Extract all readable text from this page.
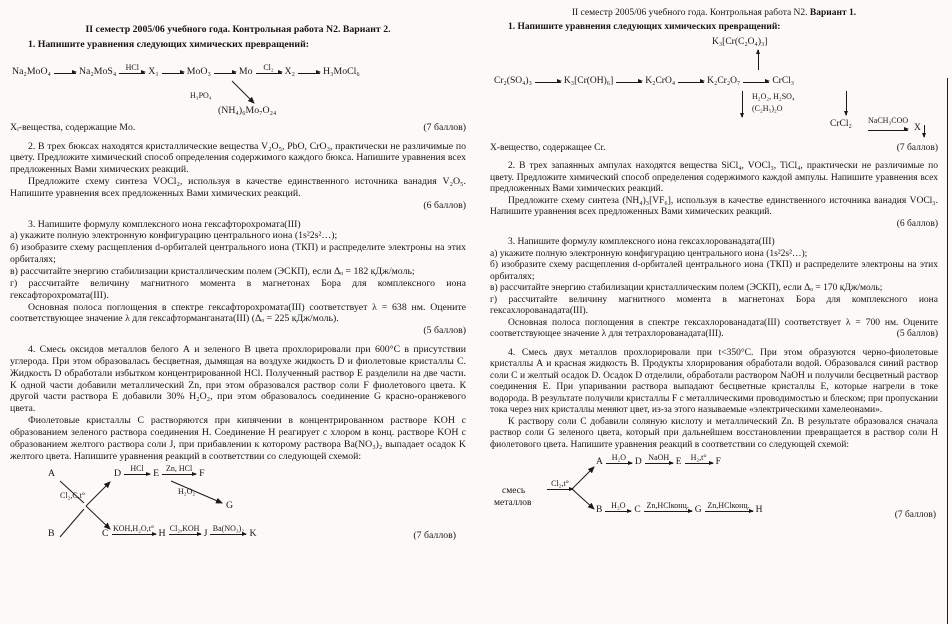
II семестр 2005/06 учебного года. Контрольная работа N2. Вариант 2.
1. Напишите уравнения следующих химических превращений:
Na₂MoO₄ → Na₂MoS₄ HCl X₁ → MoO₃ → Mo Cl₂ X₂ → H₃MoCl₆
H₃PO₄
(NH₄)₆Mo₇O₂₄
Xᵢ-вещества, содержащие Mo.	(7 баллов)
2. В трех бюксах находятся кристаллические вещества V₂O₅, PbO, CrO₃, практически не различимые по цвету. Предложите химический способ определения содержимого каждого бюкса. Напишите уравнения всех предложенных Вами химических реакций.
Предложите схему синтеза VOCl₂, используя в качестве единственного источника ванадия V₂O₅. Напишите уравнения всех предложенных Вами химических реакций.
(6 баллов)
3. Напишите формулу комплексного иона гексафторохромата(III)
а) укажите полную электронную конфигурацию центрального иона (1s²2s²…);
б) изобразите схему расщепления d-орбиталей центрального иона (ТКП) и распределите электроны на этих орбиталях;
в) рассчитайте энергию стабилизации кристаллическим полем (ЭСКП), если Δₒ = 182 кДж/моль;
г) рассчитайте величину магнитного момента в магнетонах Бора для комплексного иона гексафторохромата(III).
Основная полоса поглощения в спектре гексафторохромата(III) соответствует λ = 638 нм. Оцените соответствующее значение λ для гексафторманганата(III) (Δₒ = 225 кДж/моль).
(5 баллов)
4. Смесь оксидов металлов белого А и зеленого В цвета прохлорировали при 600°С в присутствии углерода. При этом образовалась бесцветная, дымящая на воздухе жидкость D и фиолетовые кристаллы С. Жидкость D обработали избытком концентрированной HCl. Полученный раствор E разделили на две части. К одной части добавили металлический Zn, при этом образовался раствор соли F фиолетового цвета. К другой части раствора E добавили 30% H₂O₂, при этом образовалось соединение G красно-оранжевого цвета.
Фиолетовые кристаллы С растворяются при кипячении в концентрированном растворе KOH с образованием зеленого раствора соединения H. Соединение H реагирует с хлором в конц. растворе KOH с образованием желтого раствора соли J, при прибавлении к которому раствора Ba(NO₃)₂ выпадает осадок K желтого цвета. Напишите уравнения реакций в соответствии со следующей схемой:
A
B
Cl₂,C,t°
D HCl E Zn, HCl F
H₂O₂
G
C KOH,H₂O,t° H Cl₂,KOH J Ba(NO₃)₂ K	(7 баллов)
II семестр 2005/06 учебного года. Контрольная работа N2. Вариант 1.
1. Напишите уравнения следующих химических превращений:
K₃[Cr(C₂O₄)₃]
Cr₂(SO₄)₃ → K₃[Cr(OH)₆] → K₂CrO₄ → K₂Cr₂O₇ → CrCl₃
H₂O₂, H₂SO₄
(C₂H₅)₂O
CrCl₂ NaCH₃COO
Х
Х-вещество, содержащее Cr.	(7 баллов)
2. В трех запаянных ампулах находятся вещества SiCl₄, VOCl₃, TiCl₄, практически не различимые по цвету. Предложите химический способ определения содержимого каждой ампулы. Напишите уравнения всех предложенных Вами химических реакций.
Предложите схему синтеза (NH₄)₃[VF₆], используя в качестве единственного источника ванадия VOCl₃. Напишите уравнения всех предложенных Вами химических реакций.
(6 баллов)
3. Напишите формулу комплексного иона гексахлорованадата(III)
а) укажите полную электронную конфигурацию центрального иона (1s²2s²…);
б) изобразите схему расщепления d-орбиталей центрального иона (ТКП) и распределите электроны на этих орбиталях;
в) рассчитайте энергию стабилизации кристаллическим полем (ЭСКП), если Δₒ = 170 кДж/моль;
г) рассчитайте величину магнитного момента в магнетонах Бора для комплексного иона гексахлорованадата(III).
Основная полоса поглощения в спектре гексахлорованадата(III) соответствует λ = 700 нм. Оцените соответствующее значение λ для тетрахлорованадата(III).	(5 баллов)
4. Смесь двух металлов прохлорировали при t<350°С. При этом образуются черно-фиолетовые кристаллы А и красная жидкость В. Продукты хлорирования обработали водой. Образовался синий раствор соли С и желтый осадок D. Осадок D отделили, обработали раствором NaOH и получили бесцветный раствор соединения E. При упаривании раствора выпадают бесцветные кристаллы E, которые нагрели в токе водорода. В результате получили кристаллы F с металлическими проводимостью и блеском; при пропускании тока через них кристаллы меняют цвет, из-за этого называемые «электрическими хамелеонами».
К раствору соли С добавили соляную кислоту и металлический Zn. В результате образовался сначала раствор соли G зеленого цвета, который при дальнейшем восстановлении превращается в раствор соли H фиолетового цвета. Напишите уравнения реакций в соответствии со следующей схемой:
смесь
металлов
Cl₂,t°
A H₂O D NaOH E H₂,t° F
B H₂O C Zn,HClконц. G Zn,HClконц. H	(7 баллов)
